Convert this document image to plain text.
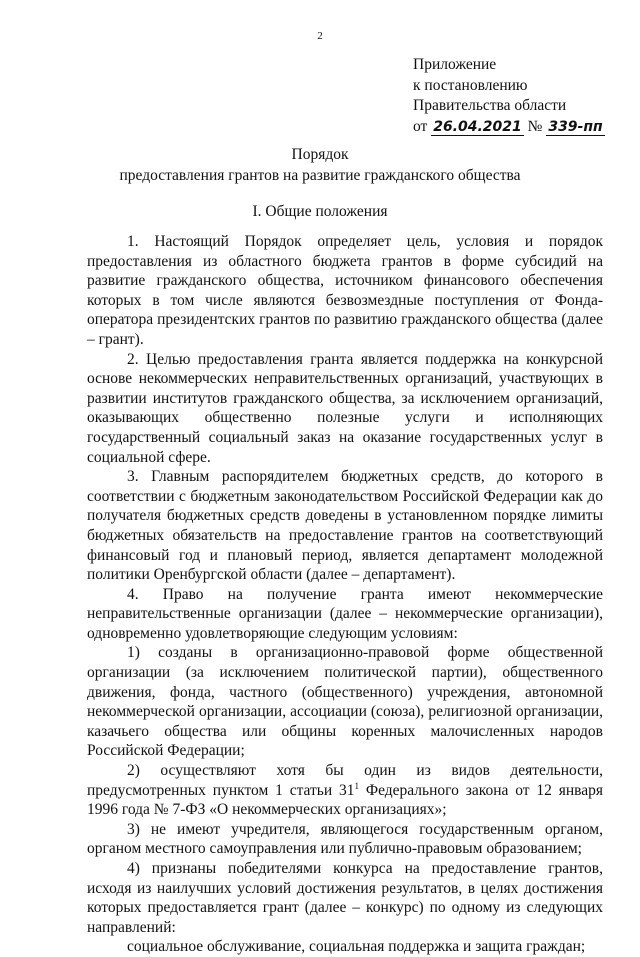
2
Приложение
к постановлению
Правительства области
от 26.04.2021 № 339-пп
Порядок
предоставления грантов на развитие гражданского общества
I. Общие положения

1. Настоящий Порядок определяет цель, условия и порядок предоставления из областного бюджета грантов в форме субсидий на развитие гражданского общества, источником финансового обеспечения которых в том числе являются безвозмездные поступления от Фонда-оператора президентских грантов по развитию гражданского общества (далее – грант).

2. Целью предоставления гранта является поддержка на конкурсной основе некоммерческих неправительственных организаций, участвующих в развитии институтов гражданского общества, за исключением организаций, оказывающих общественно полезные услуги и исполняющих государственный социальный заказ на оказание государственных услуг в социальной сфере.

3. Главным распорядителем бюджетных средств, до которого в соответствии с бюджетным законодательством Российской Федерации как до получателя бюджетных средств доведены в установленном порядке лимиты бюджетных обязательств на предоставление грантов на соответствующий финансовый год и плановый период, является департамент молодежной политики Оренбургской области (далее – департамент).

4. Право на получение гранта имеют некоммерческие неправительственные организации (далее – некоммерческие организации), одновременно удовлетворяющие следующим условиям:

1) созданы в организационно-правовой форме общественной организации (за исключением политической партии), общественного движения, фонда, частного (общественного) учреждения, автономной некоммерческой организации, ассоциации (союза), религиозной организации, казачьего общества или общины коренных малочисленных народов Российской Федерации;

2) осуществляют хотя бы один из видов деятельности, предусмотренных пунктом 1 статьи $31^1$ Федерального закона от 12 января 1996 года № 7-ФЗ «О некоммерческих организациях»;

3) не имеют учредителя, являющегося государственным органом, органом местного самоуправления или публично-правовым образованием;

4) признаны победителями конкурса на предоставление грантов, исходя из наилучших условий достижения результатов, в целях достижения которых предоставляется грант (далее – конкурс) по одному из следующих направлений:

социальное обслуживание, социальная поддержка и защита граждан;
